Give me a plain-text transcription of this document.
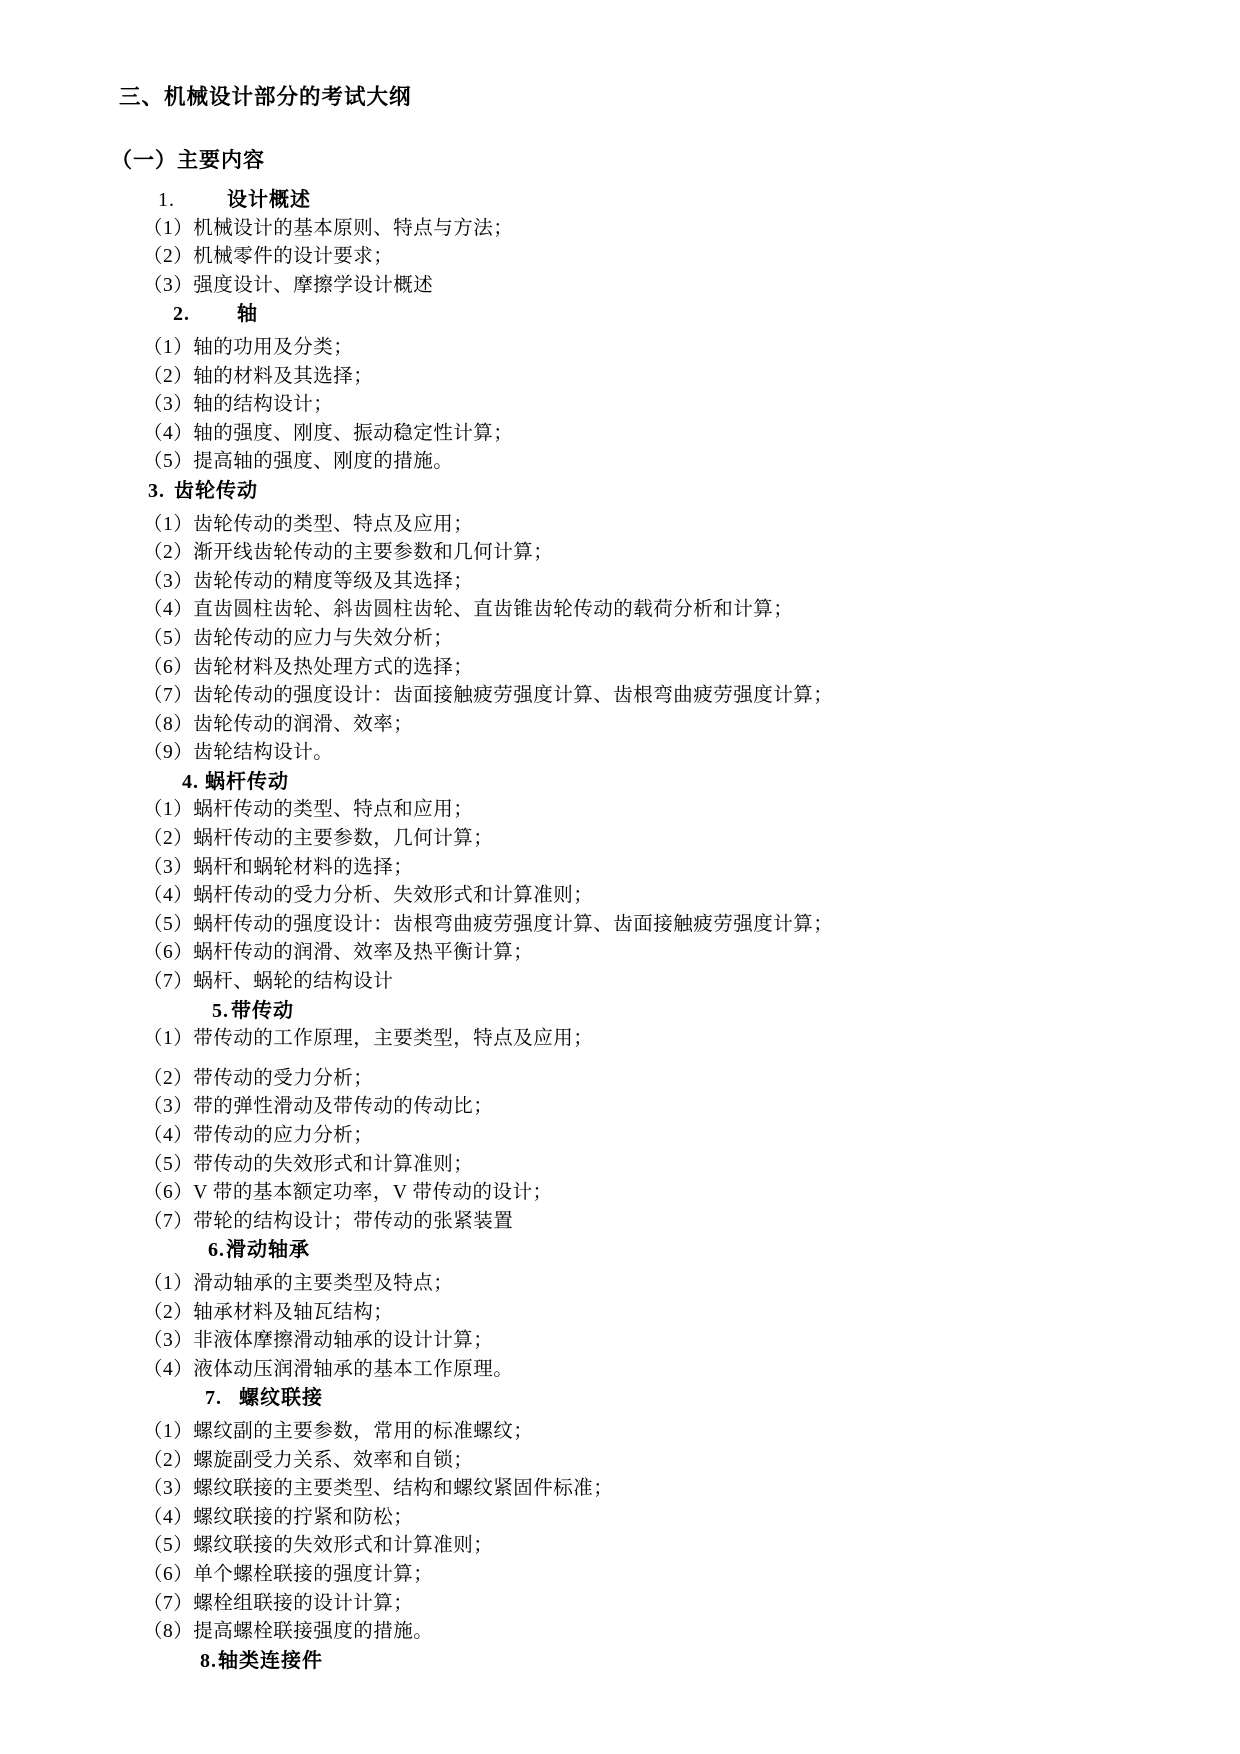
三、机械设计部分的考试大纲
（一）主要内容
1.	设计概述
（1）机械设计的基本原则、特点与方法；
（2）机械零件的设计要求；
（3）强度设计、摩擦学设计概述
2. 轴
（1）轴的功用及分类；
（2）轴的材料及其选择；
（3）轴的结构设计；
（4）轴的强度、刚度、振动稳定性计算；
（5）提高轴的强度、刚度的措施。
3. 齿轮传动
（1）齿轮传动的类型、特点及应用；
（2）渐开线齿轮传动的主要参数和几何计算；
（3）齿轮传动的精度等级及其选择；
（4）直齿圆柱齿轮、斜齿圆柱齿轮、直齿锥齿轮传动的载荷分析和计算；
（5）齿轮传动的应力与失效分析；
（6）齿轮材料及热处理方式的选择；
（7）齿轮传动的强度设计：齿面接触疲劳强度计算、齿根弯曲疲劳强度计算；
（8）齿轮传动的润滑、效率；
（9）齿轮结构设计。
4. 蜗杆传动
（1）蜗杆传动的类型、特点和应用；
（2）蜗杆传动的主要参数，几何计算；
（3）蜗杆和蜗轮材料的选择；
（4）蜗杆传动的受力分析、失效形式和计算准则；
（5）蜗杆传动的强度设计：齿根弯曲疲劳强度计算、齿面接触疲劳强度计算；
（6）蜗杆传动的润滑、效率及热平衡计算；
（7）蜗杆、蜗轮的结构设计
5. 带传动
（1）带传动的工作原理，主要类型，特点及应用；
（2）带传动的受力分析；
（3）带的弹性滑动及带传动的传动比；
（4）带传动的应力分析；
（5）带传动的失效形式和计算准则；
（6）V 带的基本额定功率，V 带传动的设计；
（7）带轮的结构设计；带传动的张紧装置
6.滑动轴承
（1）滑动轴承的主要类型及特点；
（2）轴承材料及轴瓦结构；
（3）非液体摩擦滑动轴承的设计计算；
（4）液体动压润滑轴承的基本工作原理。
7. 螺纹联接
（1）螺纹副的主要参数，常用的标准螺纹；
（2）螺旋副受力关系、效率和自锁；
（3）螺纹联接的主要类型、结构和螺纹紧固件标准；
（4）螺纹联接的拧紧和防松；
（5）螺纹联接的失效形式和计算准则；
（6）单个螺栓联接的强度计算；
（7）螺栓组联接的设计计算；
（8）提高螺栓联接强度的措施。
8.轴类连接件
